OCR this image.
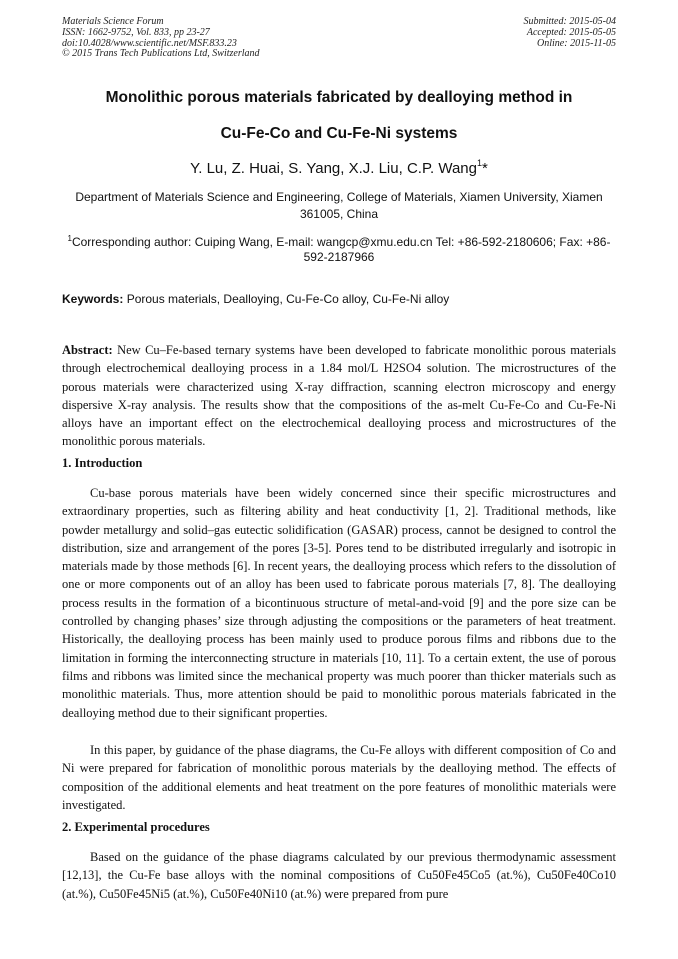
Materials Science Forum
ISSN: 1662-9752, Vol. 833, pp 23-27
doi:10.4028/www.scientific.net/MSF.833.23
© 2015 Trans Tech Publications Ltd, Switzerland
Submitted: 2015-05-04
Accepted: 2015-05-05
Online: 2015-11-05
Monolithic porous materials fabricated by dealloying method in
Cu-Fe-Co and Cu-Fe-Ni systems
Y. Lu, Z. Huai, S. Yang, X.J. Liu, C.P. Wang$^1$*
Department of Materials Science and Engineering, College of Materials, Xiamen University, Xiamen 361005, China
$^1$Corresponding author: Cuiping Wang, E-mail: wangcp@xmu.edu.cn Tel: +86-592-2180606; Fax: +86-592-2187966
Keywords: Porous materials, Dealloying, Cu-Fe-Co alloy, Cu-Fe-Ni alloy
Abstract: New Cu–Fe-based ternary systems have been developed to fabricate monolithic porous materials through electrochemical dealloying process in a 1.84 mol/L H2SO4 solution. The microstructures of the porous materials were characterized using X-ray diffraction, scanning electron microscopy and energy dispersive X-ray analysis. The results show that the compositions of the as-melt Cu-Fe-Co and Cu-Fe-Ni alloys have an important effect on the electrochemical dealloying process and microstructures of the monolithic porous materials.
1. Introduction
Cu-base porous materials have been widely concerned since their specific microstructures and extraordinary properties, such as filtering ability and heat conductivity [1, 2]. Traditional methods, like powder metallurgy and solid–gas eutectic solidification (GASAR) process, cannot be designed to control the distribution, size and arrangement of the pores [3-5]. Pores tend to be distributed irregularly and isotropic in materials made by those methods [6]. In recent years, the dealloying process which refers to the dissolution of one or more components out of an alloy has been used to fabricate porous materials [7, 8]. The dealloying process results in the formation of a bicontinuous structure of metal-and-void [9] and the pore size can be controlled by changing phases’ size through adjusting the compositions or the parameters of heat treatment. Historically, the dealloying process has been mainly used to produce porous films and ribbons due to the limitation in forming the interconnecting structure in materials [10, 11]. To a certain extent, the use of porous films and ribbons was limited since the mechanical property was much poorer than thicker materials such as monolithic materials. Thus, more attention should be paid to monolithic porous materials fabricated in the dealloying method due to their significant properties.
In this paper, by guidance of the phase diagrams, the Cu-Fe alloys with different composition of Co and Ni were prepared for fabrication of monolithic porous materials by the dealloying method. The effects of composition of the additional elements and heat treatment on the pore features of monolithic materials were investigated.
2. Experimental procedures
Based on the guidance of the phase diagrams calculated by our previous thermodynamic assessment [12,13], the Cu-Fe base alloys with the nominal compositions of Cu50Fe45Co5 (at.%), Cu50Fe40Co10 (at.%), Cu50Fe45Ni5 (at.%), Cu50Fe40Ni10 (at.%) were prepared from pure
